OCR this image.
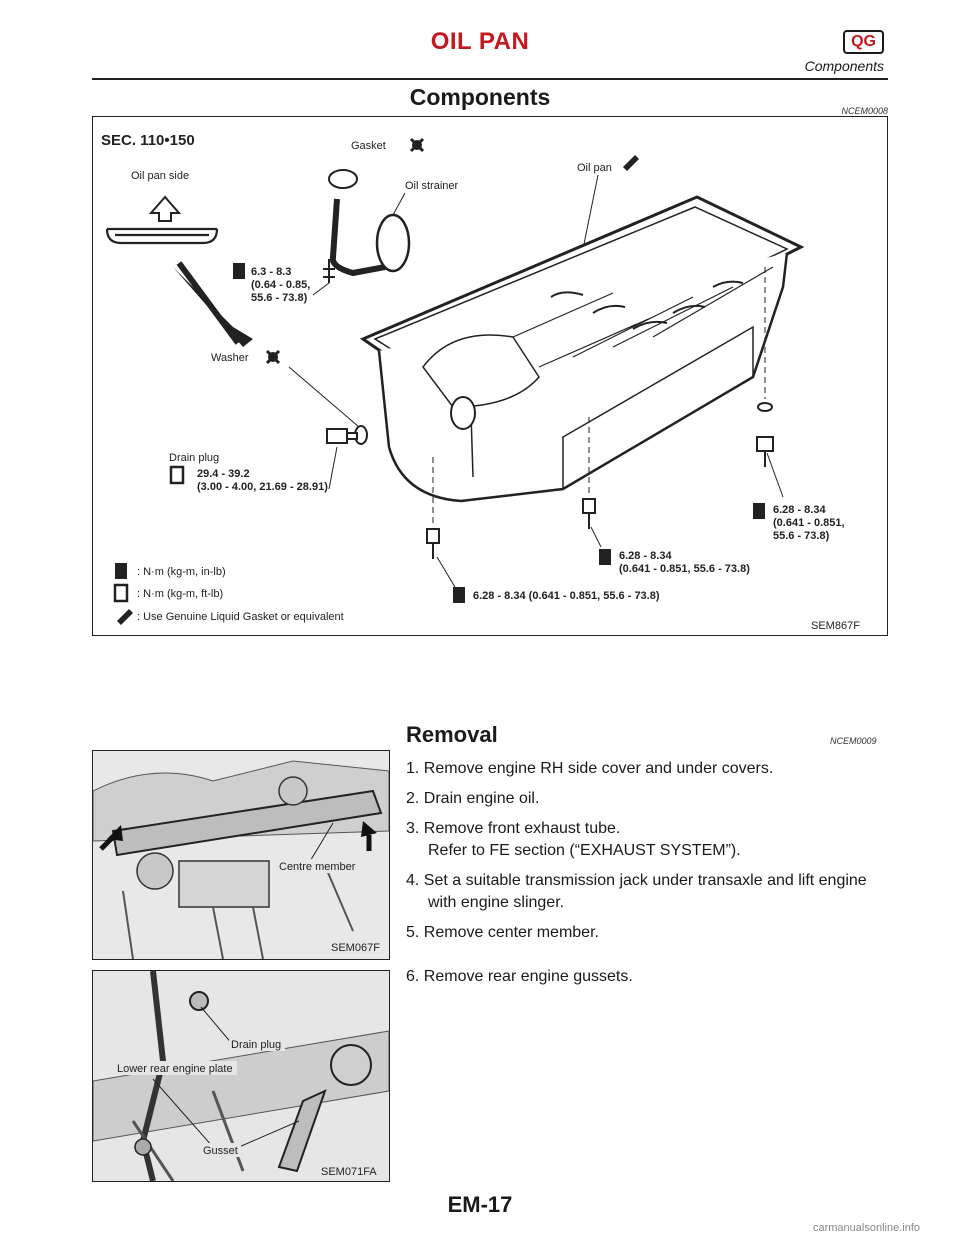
OIL PAN	QG
Components
Components
NCEM0008
SEC. 110•150
Oil pan side
Gasket
Oil strainer
6.3 - 8.3
(0.64 - 0.85,
55.6 - 73.8)
Oil pan
Washer
Drain plug
29.4 - 39.2
(3.00 - 4.00, 21.69 - 28.91)
6.28 - 8.34
(0.641 - 0.851,
55.6 - 73.8)
6.28 - 8.34
(0.641 - 0.851, 55.6 - 73.8)
6.28 - 8.34 (0.641 - 0.851, 55.6 - 73.8)
: N·m (kg-m, in-lb)
: N·m (kg-m, ft-lb)
: Use Genuine Liquid Gasket or equivalent
SEM867F
Centre member
SEM067F
Drain plug
Lower rear engine plate
Gusset
SEM071FA
Removal	NCEM0009
1. Remove engine RH side cover and under covers.
2. Drain engine oil.
3. Remove front exhaust tube.
Refer to FE section (“EXHAUST SYSTEM”).
4. Set a suitable transmission jack under transaxle and lift engine
with engine slinger.
5. Remove center member.
6. Remove rear engine gussets.
EM-17
carmanualsonline.info
